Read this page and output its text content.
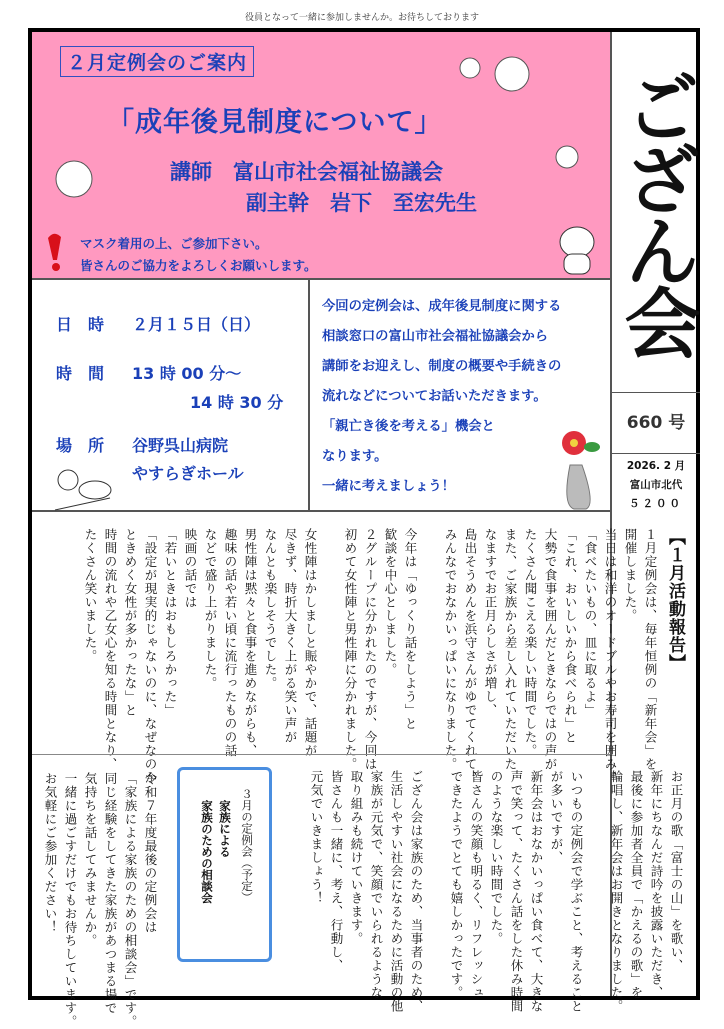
役員となって一緒に参加しませんか。お待ちしております
２月定例会のご案内
「成年後見制度について」
講師　富山市社会福祉協議会
副主幹　岩下　至宏先生
マスク着用の上、ご参加下さい。
皆さんのご協力をよろしくお願いします。	ござん会
660 号
2026. 2 月
富山市北代
５２００
日　時 ２月１５日（日）
時　間 13 時 00 分～
14 時 30 分
場　所 谷野呉山病院
やすらぎホール
今回の定例会は、成年後見制度に関する
相談窓口の富山市社会福祉協議会から
講師をお迎えし、制度の概要や手続きの
流れなどについてお話いただきます。
「親亡き後を考える」機会と
なります。
一緒に考えましょう！
【１月活動報告】
１月定例会は、毎年恒例の「新年会」を
開催しました。
当日は和洋のオードブルやお寿司を囲み、
「食べたいもの、皿に取るよ」
「これ、おいしいから食べられ」と
大勢で食事を囲んだときならではの声が
たくさん聞こえる楽しい時間でした。
また、ご家族から差し入れていただいた
なますでお正月らしさが増し、
島出そうめんを浜守さんがゆでてくれて、
みんなでおなかいっぱいになりました。

今年は「ゆっくり話をしよう」と
歓談を中心としました。
２グループに分かれたのですが、今回は
初めて女性陣と男性陣に分かれました。

女性陣はかしましと賑やかで、話題が
尽きず、時折大きく上がる笑い声が
なんとも楽しそうでした。
男性陣は黙々と食事を進めながらも、
趣味の話や若い頃に流行ったものの話
などで盛り上がりました。
映画の話では
「若いときはおもしろかった」
「設定が現実的じゃないのに、なぜなのか
ときめく女性が多かったな」と
時間の流れや乙女心を知る時間となり、
たくさん笑いました。
お正月の歌「富士の山」を歌い、
新年にちなんだ詩吟を披露いただき、
最後に参加者全員で「かえるの歌」を
輪唱し、新年会はお開きとなりました。

いつもの定例会で学ぶこと、考えること
が多いですが、
新年会はおなかいっぱい食べて、大きな
声で笑って、たくさん話をした休み時間
のような楽しい時間でした。
皆さんの笑顔も明るく、リフレッシュ
できたようでとても嬉しかったです。

ござん会は家族のため、当事者のため、
生活しやすい社会になるために活動の他
家族が元気で、笑顔でいられるような
取り組みも続けていきます。
皆さんも一緒に、考え、行動し、
元気でいきましょう！
３月の定例会（予定）
家族による
家族のための相談会
令和７年度最後の定例会は
「家族による家族のための相談会」です。
同じ経験をしてきた家族があつまる場で
気持ちを話してみませんか。
一緒に過ごすだけでもお待ちしています。
お気軽にご参加ください！
